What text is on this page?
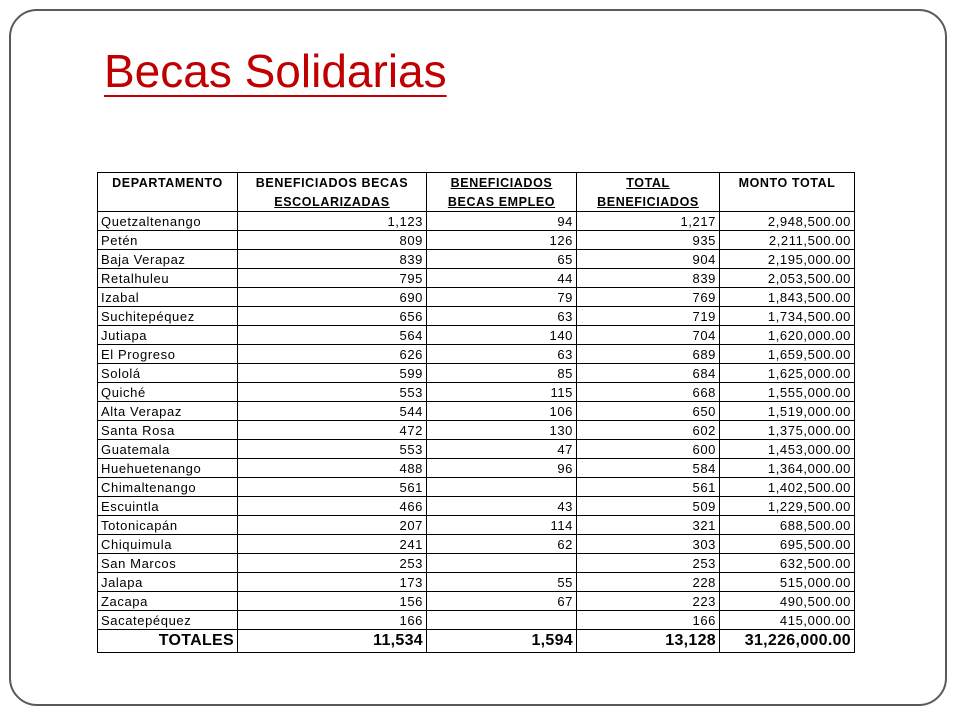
Becas Solidarias
DEPARTAMENTO	BENEFICIADOS BECAS	BENEFICIADOS	TOTAL	MONTO TOTAL
	ESCOLARIZADAS	BECAS EMPLEO	BENEFICIADOS	
Quetzaltenango	1,123	94	1,217	2,948,500.00
Petén	809	126	935	2,211,500.00
Baja Verapaz	839	65	904	2,195,000.00
Retalhuleu	795	44	839	2,053,500.00
Izabal	690	79	769	1,843,500.00
Suchitepéquez	656	63	719	1,734,500.00
Jutiapa	564	140	704	1,620,000.00
El Progreso	626	63	689	1,659,500.00
Sololá	599	85	684	1,625,000.00
Quiché	553	115	668	1,555,000.00
Alta Verapaz	544	106	650	1,519,000.00
Santa Rosa	472	130	602	1,375,000.00
Guatemala	553	47	600	1,453,000.00
Huehuetenango	488	96	584	1,364,000.00
Chimaltenango	561		561	1,402,500.00
Escuintla	466	43	509	1,229,500.00
Totonicapán	207	114	321	688,500.00
Chiquimula	241	62	303	695,500.00
San Marcos	253		253	632,500.00
Jalapa	173	55	228	515,000.00
Zacapa	156	67	223	490,500.00
Sacatepéquez	166		166	415,000.00
TOTALES	11,534	1,594	13,128	31,226,000.00
